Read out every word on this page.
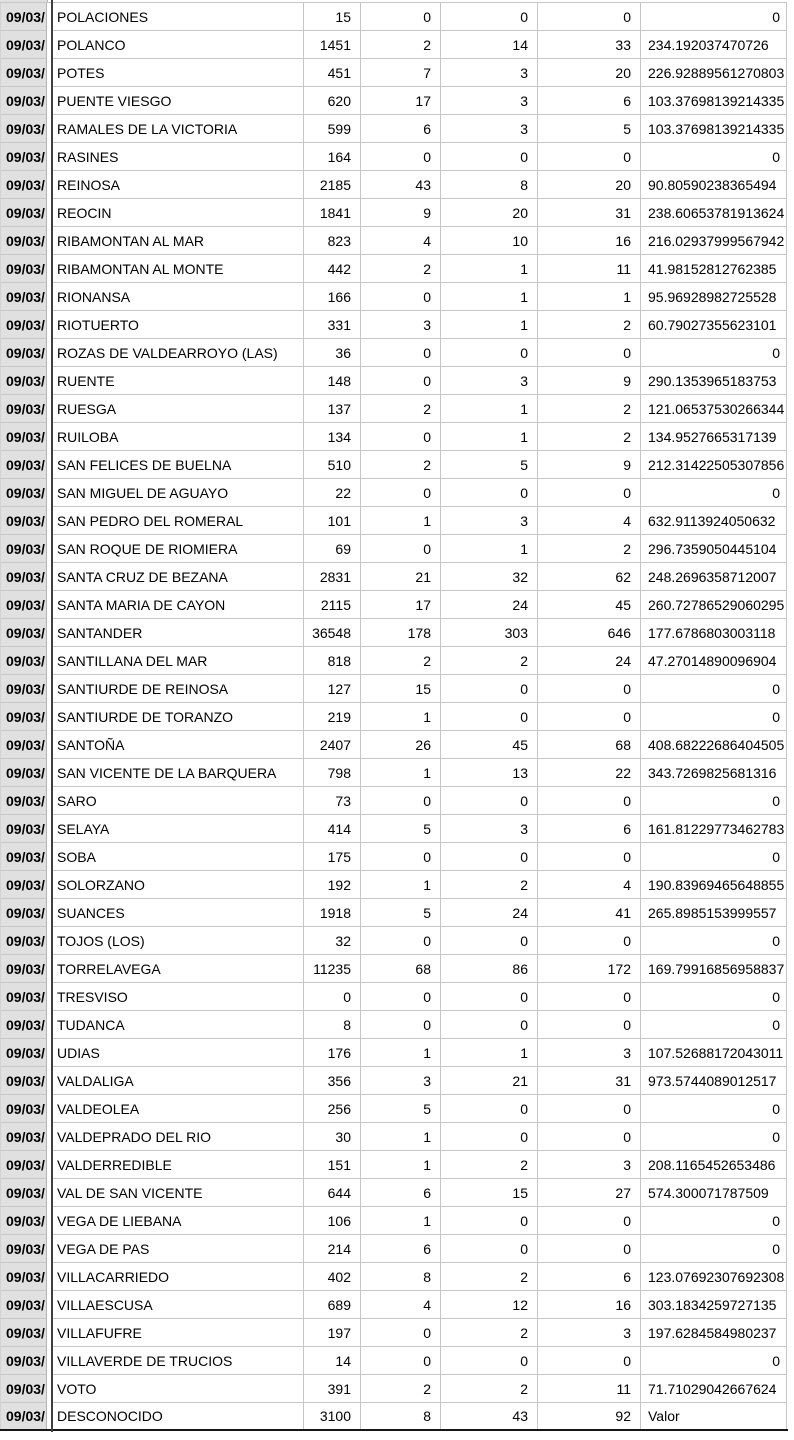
09/03/ POLACIONES	15	0	0	0	0
09/03/ POLANCO	1451	2	14	33	234.192037470726
09/03/ POTES	451	7	3	20	226.92889561270803
09/03/ PUENTE VIESGO	620	17	3	6	103.37698139214335
09/03/ RAMALES DE LA VICTORIA	599	6	3	5	103.37698139214335
09/03/ RASINES	164	0	0	0	0
09/03/ REINOSA	2185	43	8	20	90.80590238365494
09/03/ REOCIN	1841	9	20	31	238.60653781913624
09/03/ RIBAMONTAN AL MAR	823	4	10	16	216.02937999567942
09/03/ RIBAMONTAN AL MONTE	442	2	1	11	41.98152812762385
09/03/ RIONANSA	166	0	1	1	95.96928982725528
09/03/ RIOTUERTO	331	3	1	2	60.79027355623101
09/03/ ROZAS DE VALDEARROYO (LAS)	36	0	0	0	0
09/03/ RUENTE	148	0	3	9	290.1353965183753
09/03/ RUESGA	137	2	1	2	121.06537530266344
09/03/ RUILOBA	134	0	1	2	134.9527665317139
09/03/ SAN FELICES DE BUELNA	510	2	5	9	212.31422505307856
09/03/ SAN MIGUEL DE AGUAYO	22	0	0	0	0
09/03/ SAN PEDRO DEL ROMERAL	101	1	3	4	632.9113924050632
09/03/ SAN ROQUE DE RIOMIERA	69	0	1	2	296.7359050445104
09/03/ SANTA CRUZ DE BEZANA	2831	21	32	62	248.2696358712007
09/03/ SANTA MARIA DE CAYON	2115	17	24	45	260.72786529060295
09/03/ SANTANDER	36548	178	303	646	177.6786803003118
09/03/ SANTILLANA DEL MAR	818	2	2	24	47.27014890096904
09/03/ SANTIURDE DE REINOSA	127	15	0	0	0
09/03/ SANTIURDE DE TORANZO	219	1	0	0	0
09/03/ SANTOÑA	2407	26	45	68	408.68222686404505
09/03/ SAN VICENTE DE LA BARQUERA	798	1	13	22	343.7269825681316
09/03/ SARO	73	0	0	0	0
09/03/ SELAYA	414	5	3	6	161.81229773462783
09/03/ SOBA	175	0	0	0	0
09/03/ SOLORZANO	192	1	2	4	190.83969465648855
09/03/ SUANCES	1918	5	24	41	265.8985153999557
09/03/ TOJOS (LOS)	32	0	0	0	0
09/03/ TORRELAVEGA	11235	68	86	172	169.79916856958837
09/03/ TRESVISO	0	0	0	0	0
09/03/ TUDANCA	8	0	0	0	0
09/03/ UDIAS	176	1	1	3	107.52688172043011
09/03/ VALDALIGA	356	3	21	31	973.5744089012517
09/03/ VALDEOLEA	256	5	0	0	0
09/03/ VALDEPRADO DEL RIO	30	1	0	0	0
09/03/ VALDERREDIBLE	151	1	2	3	208.1165452653486
09/03/ VAL DE SAN VICENTE	644	6	15	27	574.300071787509
09/03/ VEGA DE LIEBANA	106	1	0	0	0
09/03/ VEGA DE PAS	214	6	0	0	0
09/03/ VILLACARRIEDO	402	8	2	6	123.07692307692308
09/03/ VILLAESCUSA	689	4	12	16	303.1834259727135
09/03/ VILLAFUFRE	197	0	2	3	197.6284584980237
09/03/ VILLAVERDE DE TRUCIOS	14	0	0	0	0
09/03/ VOTO	391	2	2	11	71.71029042667624
09/03/ DESCONOCIDO	3100	8	43	92	Valor
